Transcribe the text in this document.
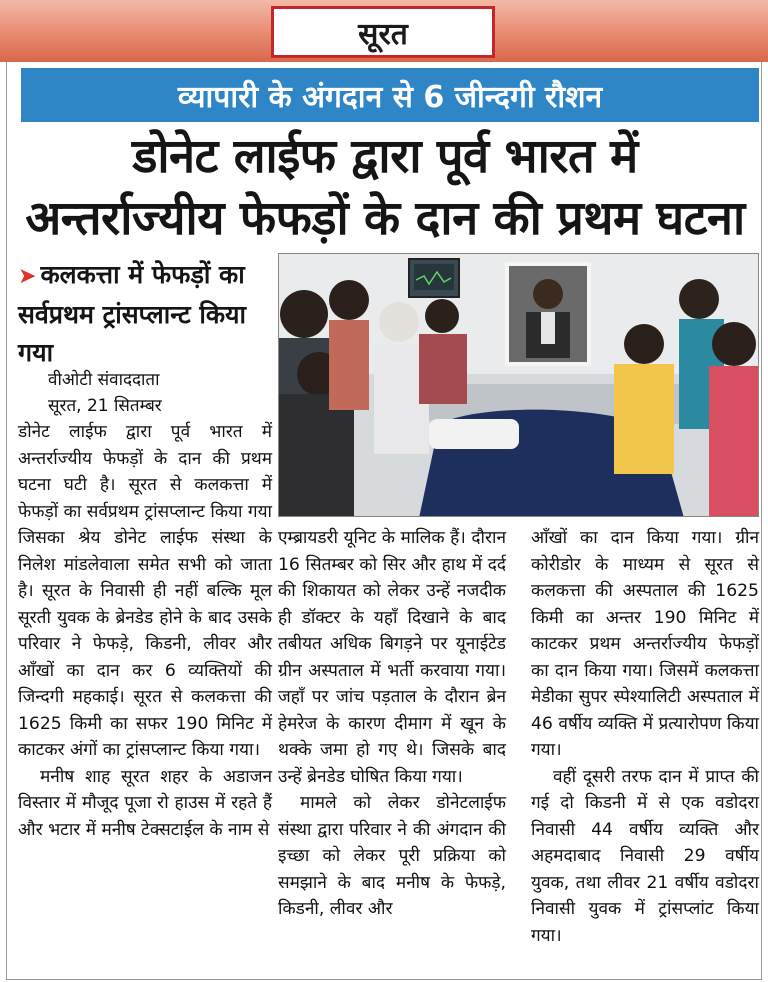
सूरत
व्यापारी के अंगदान से 6 जीन्दगी रौशन
डोनेट लाईफ द्वारा पूर्व भारत में
अन्तर्राज्यीय फेफड़ों के दान की प्रथम घटना
➤ कलकत्ता में फेफड़ों का सर्वप्रथम ट्रांसप्लान्ट किया गया
वीओटी संवाददाता
सूरत, 21 सितम्बर

डोनेट लाईफ द्वारा पूर्व भारत में अन्तर्राज्यीय फेफड़ों के दान की प्रथम घटना घटी है। सूरत से कलकत्ता में फेफड़ों का सर्वप्रथम ट्रांसप्लान्ट किया गया जिसका श्रेय डोनेट लाईफ संस्था के निलेश मांडलेवाला समेत सभी को जाता है। सूरत के निवासी ही नहीं बल्कि मूल सूरती युवक के ब्रेनडेड होने के बाद उसके परिवार ने फेफड़े, किडनी, लीवर और आँखों का दान कर 6 व्यक्तियों की जिन्दगी महकाई। सूरत से कलकत्ता की 1625 किमी का सफर 190 मिनिट में काटकर अंगों का ट्रांसप्लान्ट किया गया।

मनीष शाह सूरत शहर के अडाजन विस्तार में मौजूद पूजा रो हाउस में रहते हैं और भटार में मनीष टेक्सटाईल के नाम से

एम्ब्रायडरी यूनिट के मालिक हैं। दौरान 16 सितम्बर को सिर और हाथ में दर्द की शिकायत को लेकर उन्हें नजदीक ही डॉक्टर के यहाँ दिखाने के बाद तबीयत अधिक बिगड़ने पर यूनाईटेड ग्रीन अस्पताल में भर्ती करवाया गया। जहाँ पर जांच पड़ताल के दौरान ब्रेन हेमरेज के कारण दीमाग में खून के थक्के जमा हो गए थे। जिसके बाद उन्हें ब्रेनडेड घोषित किया गया।

मामले को लेकर डोनेटलाईफ संस्था द्वारा परिवार ने की अंगदान की इच्छा को लेकर पूरी प्रक्रिया को समझाने के बाद मनीष के फेफड़े, किडनी, लीवर और

आँखों का दान किया गया। ग्रीन कोरीडोर के माध्यम से सूरत से कलकत्ता की अस्पताल की 1625 किमी का अन्तर 190 मिनिट में काटकर प्रथम अन्तर्राज्यीय फेफड़ों का दान किया गया। जिसमें कलकत्ता मेडीका सुपर स्पेश्यालिटी अस्पताल में 46 वर्षीय व्यक्ति में प्रत्यारोपण किया गया।

वहीं दूसरी तरफ दान में प्राप्त की गई दो किडनी में से एक वडोदरा निवासी 44 वर्षीय व्यक्ति और अहमदाबाद निवासी 29 वर्षीय युवक, तथा लीवर 21 वर्षीय वडोदरा निवासी युवक में ट्रांसप्लांट किया गया।
